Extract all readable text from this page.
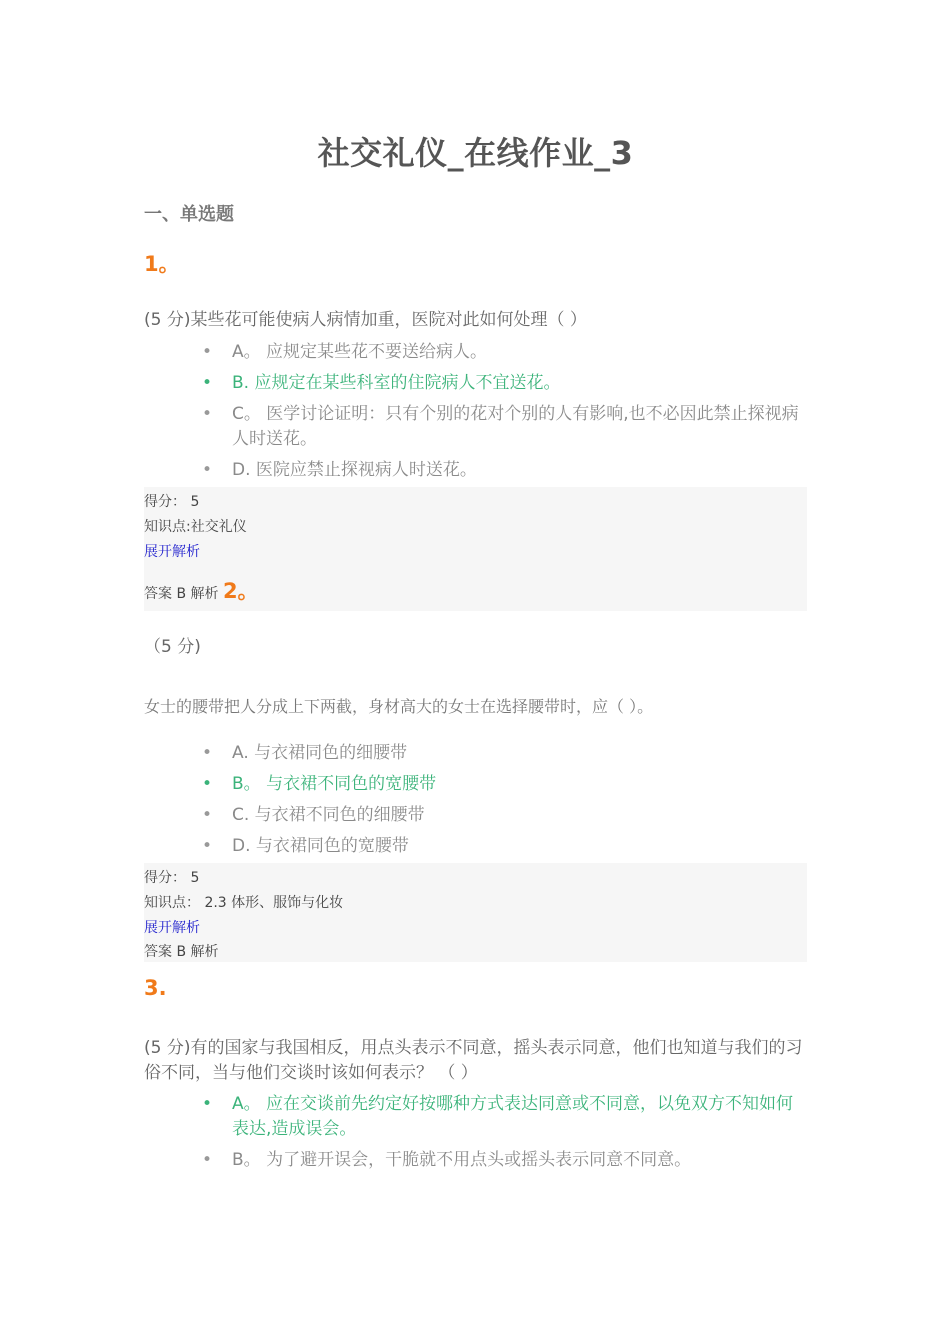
社交礼仪_在线作业_3
一、单选题
1。
(5 分)某些花可能使病人病情加重，医院对此如何处理（ ）
• A。 应规定某些花不要送给病人。
• B. 应规定在某些科室的住院病人不宜送花。
• C。 医学讨论证明：只有个别的花对个别的人有影响,也不必因此禁止探视病人时送花。
• D. 医院应禁止探视病人时送花。
得分： 5
知识点:社交礼仪
展开解析
答案 B 解析 2。
（5 分)
女士的腰带把人分成上下两截，身材高大的女士在选择腰带时，应（ ）。
• A. 与衣裙同色的细腰带
• B。 与衣裙不同色的宽腰带
• C. 与衣裙不同色的细腰带
• D. 与衣裙同色的宽腰带
得分： 5
知识点： 2.3 体形、服饰与化妆
展开解析
答案 B 解析
3.
(5 分)有的国家与我国相反，用点头表示不同意，摇头表示同意，他们也知道与我们的习俗不同，当与他们交谈时该如何表示？ （ ）
• A。 应在交谈前先约定好按哪种方式表达同意或不同意，以免双方不知如何表达,造成误会。
• B。 为了避开误会，干脆就不用点头或摇头表示同意不同意。
